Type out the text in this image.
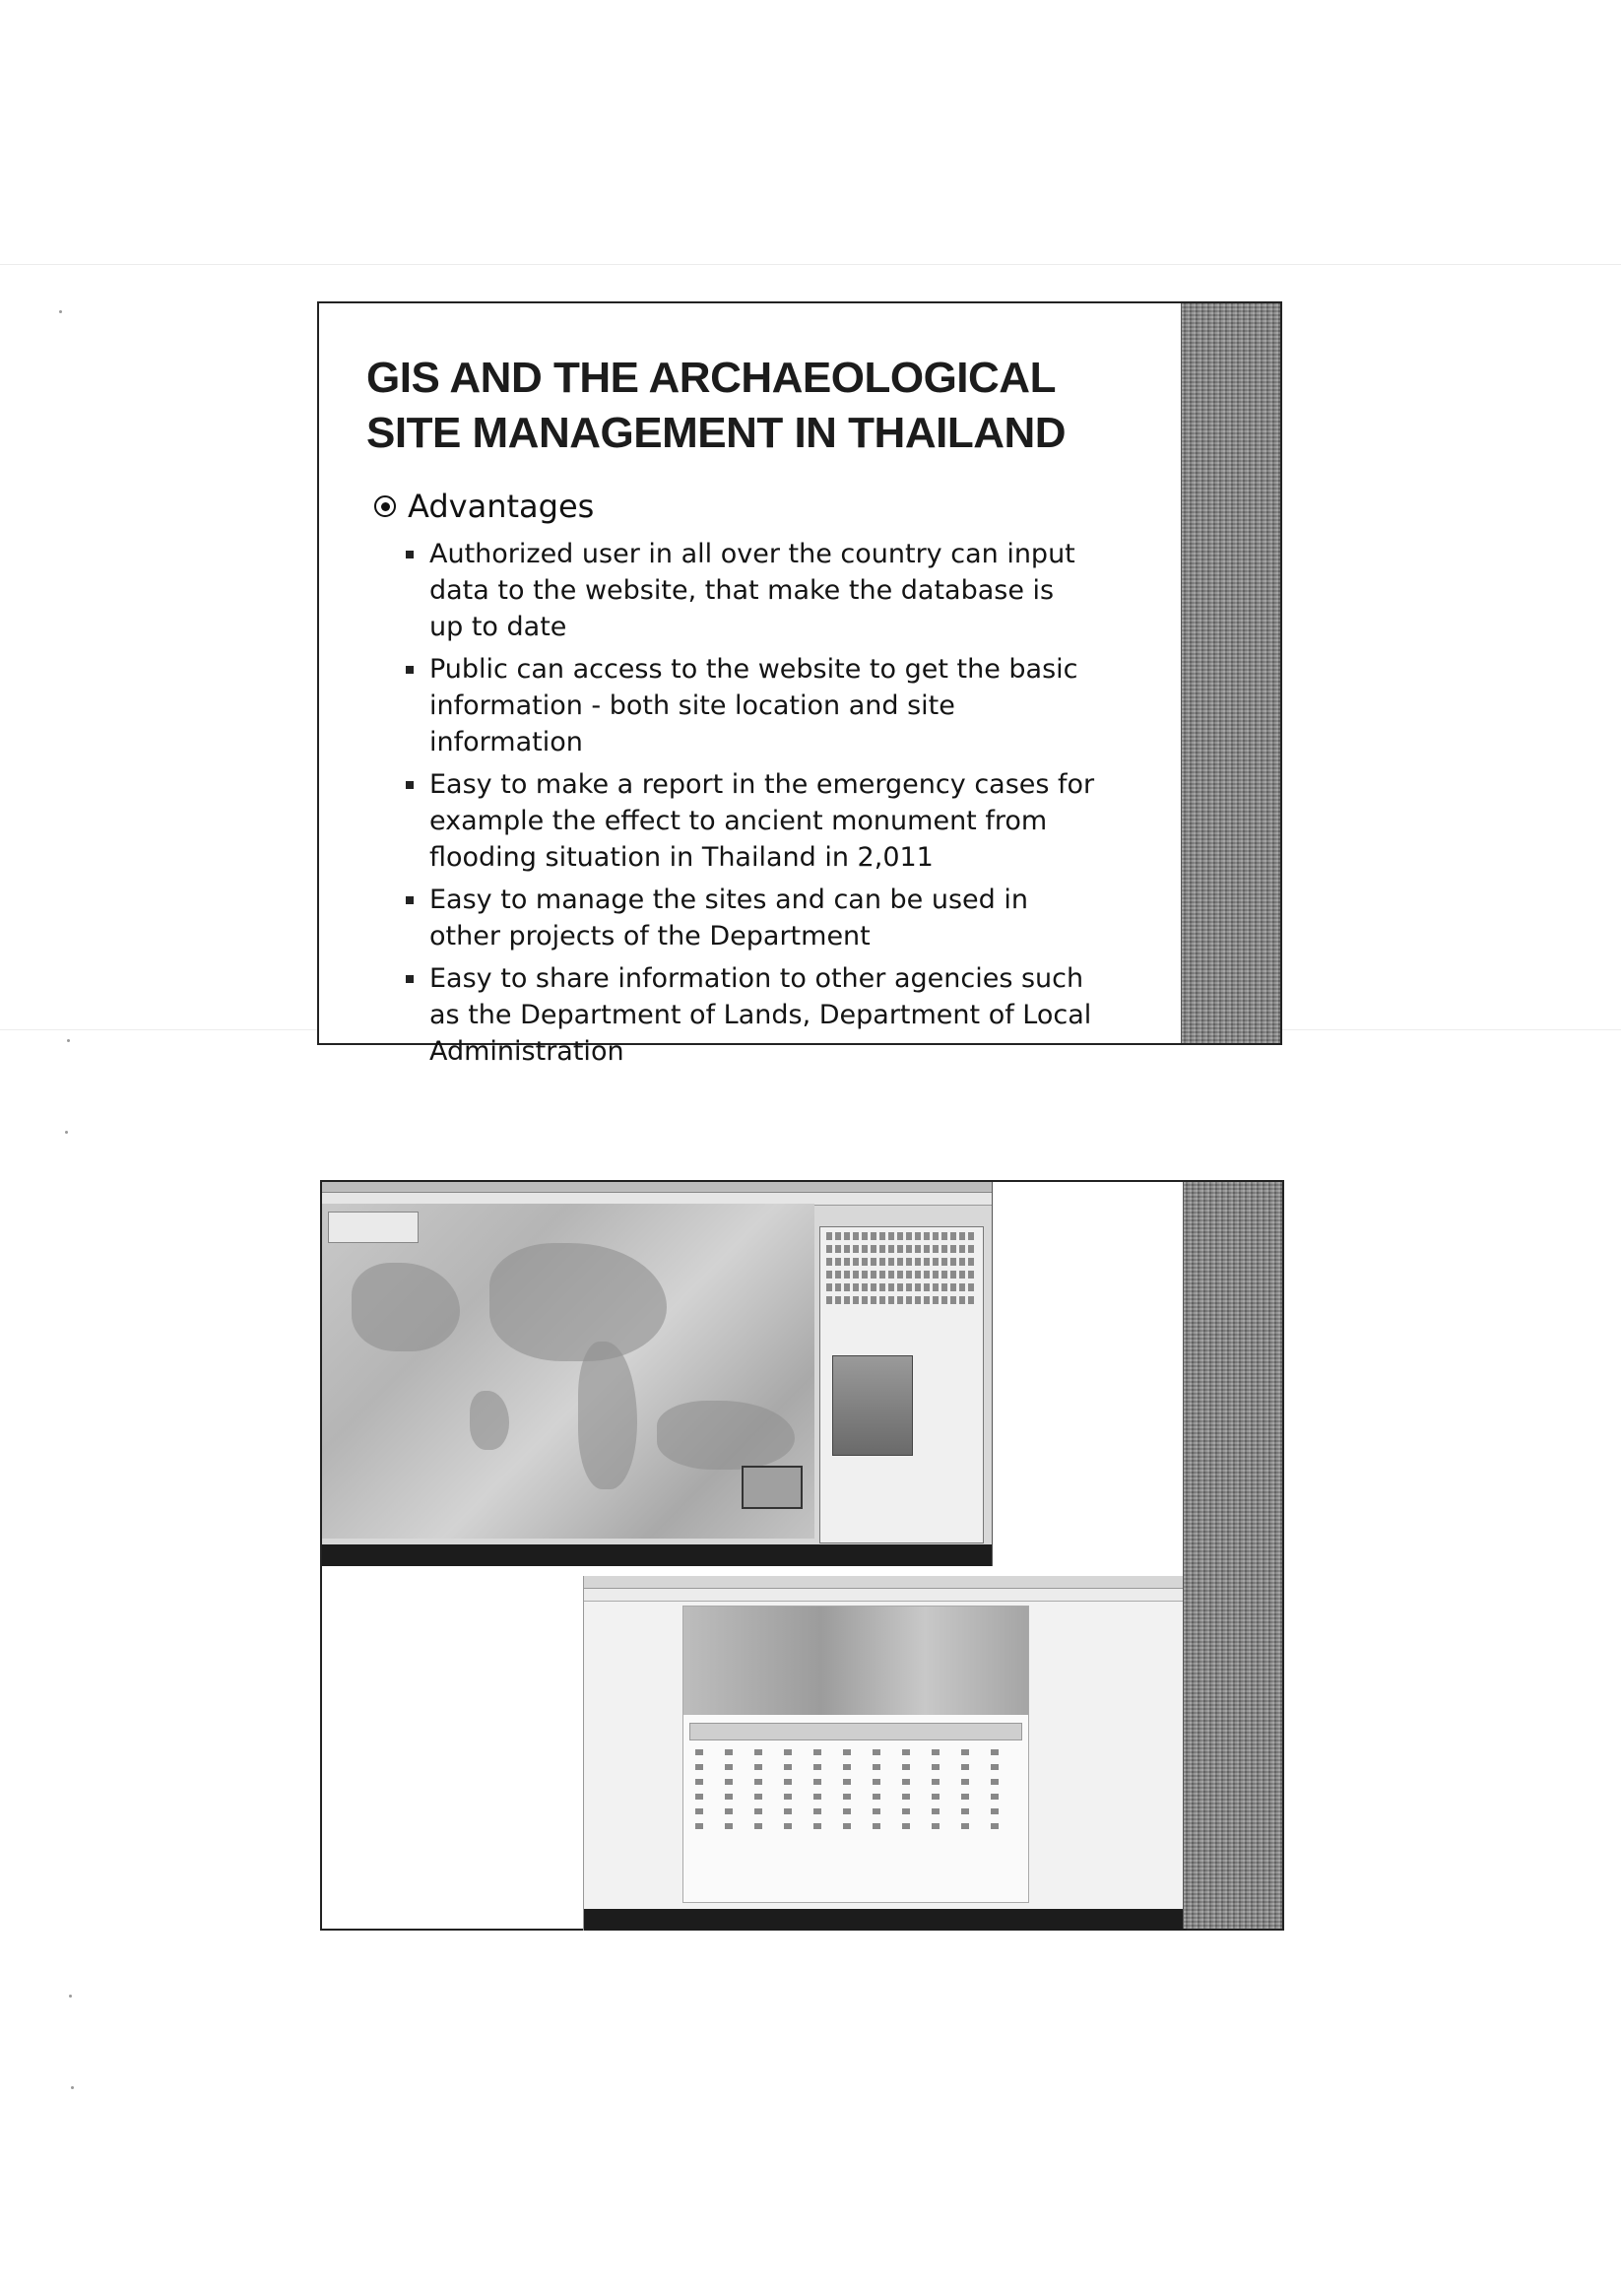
GIS AND THE ARCHAEOLOGICAL
SITE MANAGEMENT IN THAILAND
Advantages
Authorized user in all over the country can input data to the website, that make the database is up to date
Public can access to the website to get the basic information - both site location and site information
Easy to make a report in the emergency cases for example the effect to ancient monument from flooding situation in Thailand in 2,011
Easy to manage the sites and can be used in other projects of the Department
Easy to share information to other agencies such as the Department of Lands, Department of Local Administration
